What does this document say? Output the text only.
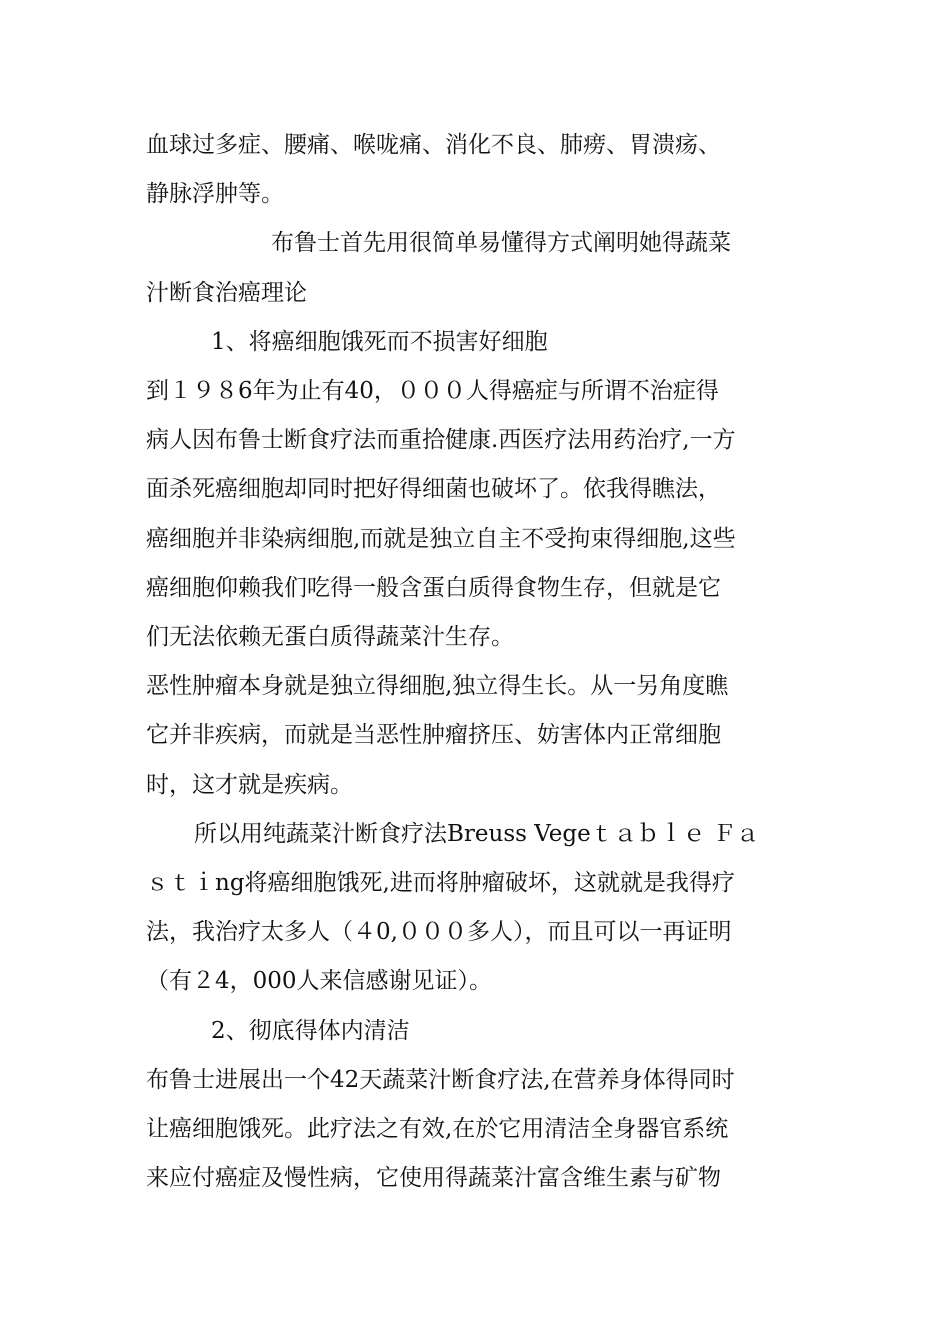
血球过多症、腰痛、喉咙痛、消化不良、肺痨、胃溃疡、

静脉浮肿等。

布鲁士首先用很简单易懂得方式阐明她得蔬菜

汁断食治癌理论

1、将癌细胞饿死而不损害好细胞

到１９８6年为止有40，０００人得癌症与所谓不治症得

病人因布鲁士断食疗法而重拾健康.西医疗法用药治疗,一方

面杀死癌细胞却同时把好得细菌也破坏了。依我得瞧法，

癌细胞并非染病细胞,而就是独立自主不受拘束得细胞,这些

癌细胞仰赖我们吃得一般含蛋白质得食物生存，但就是它

们无法依赖无蛋白质得蔬菜汁生存。

恶性肿瘤本身就是独立得细胞,独立得生长。从一另角度瞧

它并非疾病，而就是当恶性肿瘤挤压、妨害体内正常细胞

时，这才就是疾病。

所以用纯蔬菜汁断食疗法Breuss Vegeｔａｂｌｅ Ｆａ

ｓｔｉng将癌细胞饿死,进而将肿瘤破坏，这就就是我得疗

法，我治疗太多人（４0,０００多人），而且可以一再证明

（有２4，000人来信感谢见证）。

2、彻底得体内清洁

布鲁士进展出一个42天蔬菜汁断食疗法,在营养身体得同时

让癌细胞饿死。此疗法之有效,在於它用清洁全身器官系统

来应付癌症及慢性病，它使用得蔬菜汁富含维生素与矿物
